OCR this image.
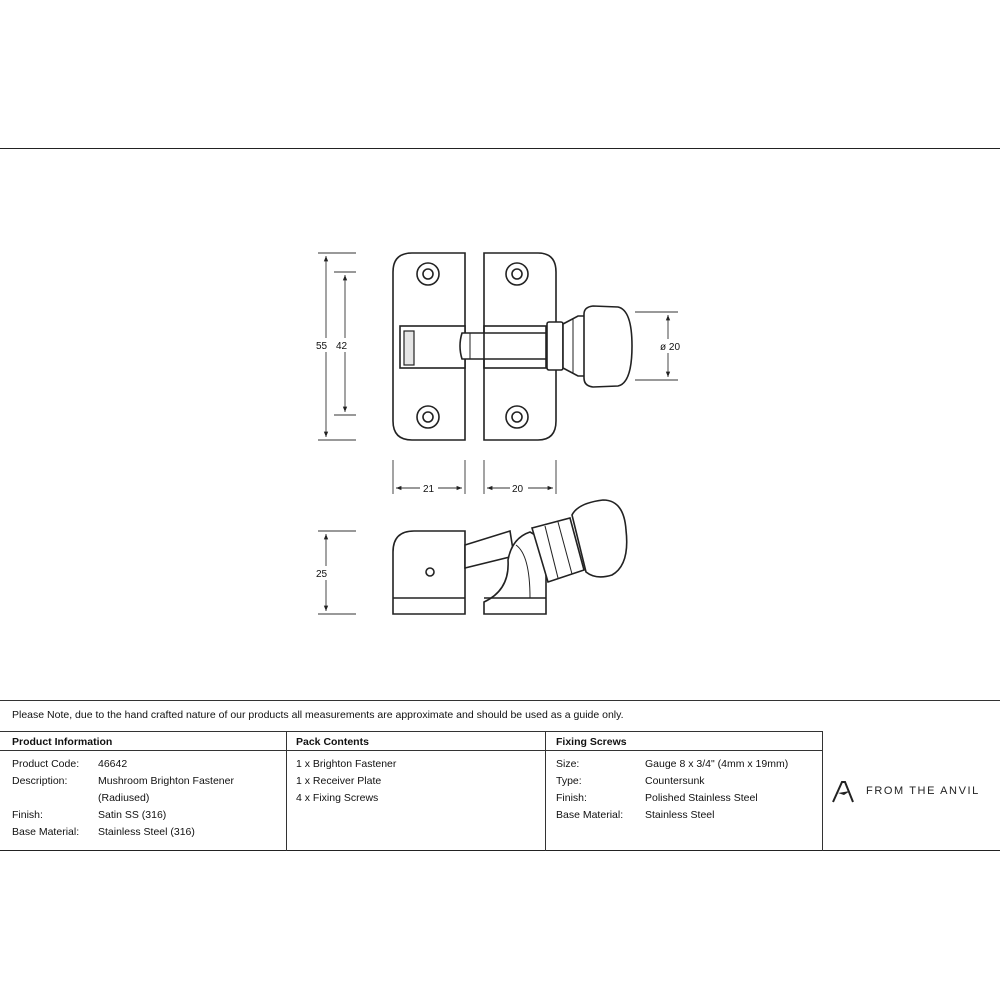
55 42	ø 20
21	20
25
Please Note, due to the hand crafted nature of our products all measurements are approximate and should be used as a guide only.
Product Information	Pack Contents	Fixing Screws
Product Code: 46642
Description:	Mushroom Brighton Fastener
(Radiused)
Finish:	Satin SS (316)
Base Material: Stainless Steel (316)
1 x Brighton Fastener
1 x Receiver Plate
4 x Fixing Screws
Size:	Gauge 8 x 3/4" (4mm x 19mm)
Type:	Countersunk
Finish:	Polished Stainless Steel
Base Material: Stainless Steel
FROM THE ANVIL
